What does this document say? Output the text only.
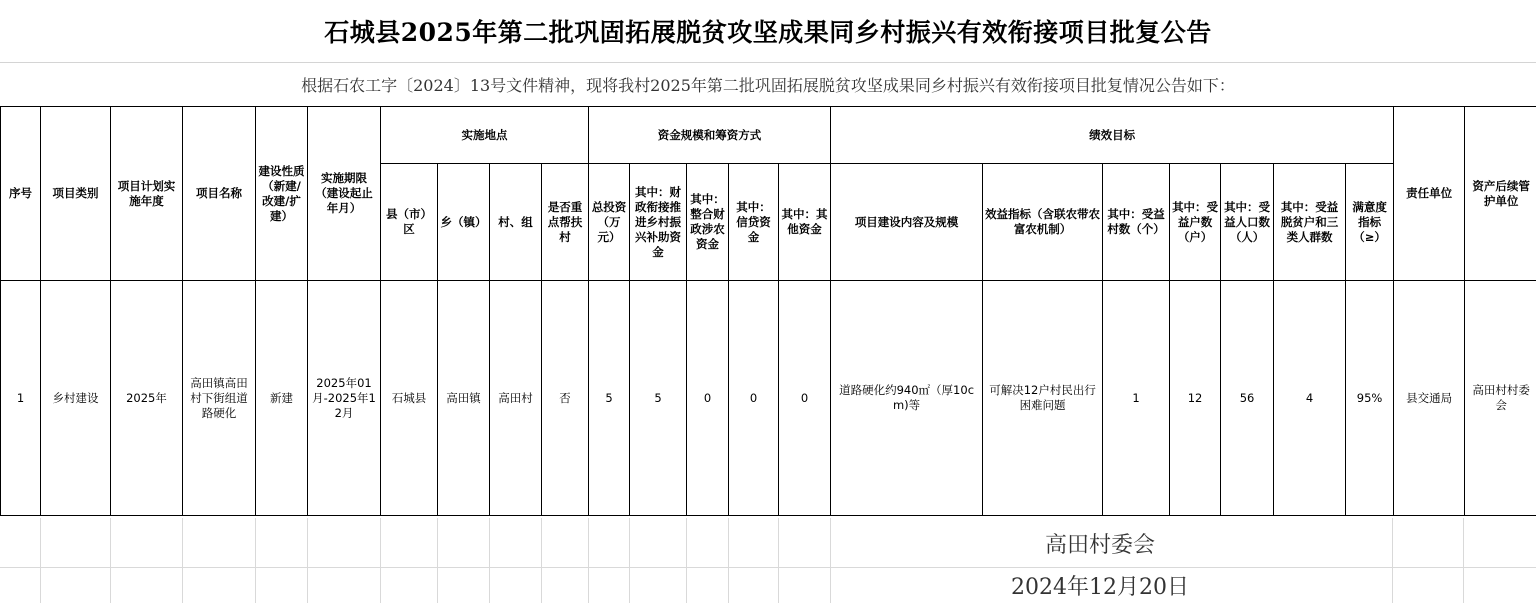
石城县2025年第二批巩固拓展脱贫攻坚成果同乡村振兴有效衔接项目批复公告
根据石农工字〔2024〕13号文件精神，现将我村2025年第二批巩固拓展脱贫攻坚成果同乡村振兴有效衔接项目批复情况公告如下：
序号	项目类别	项目计划实施年度	项目名称	建设性质（新建/改建/扩建）	实施期限（建设起止年月）	实施地点				资金规模和筹资方式					绩效目标							责任单位	资产后续管护单位
						县（市）区	乡（镇）	村、组	是否重点帮扶村	总投资（万元）	其中：财政衔接推进乡村振兴补助资金	其中：整合财政涉农资金	其中：信贷资金	其中：其他资金	项目建设内容及规模	效益指标（含联农带农富农机制）	其中：受益村数（个）	其中：受益户数（户）	其中：受益人口数（人）	其中：受益脱贫户和三类人群数	满意度指标（≥）		
1	乡村建设	2025年	高田镇高田村下街组道路硬化	新建	2025年01月-2025年12月	石城县	高田镇	高田村	否	5	5	0	0	0	道路硬化约940㎡（厚10cm)等	可解决12户村民出行困难问题	1	12	56	4	95%	县交通局	高田村村委会
高田村委会
2024年12月20日
